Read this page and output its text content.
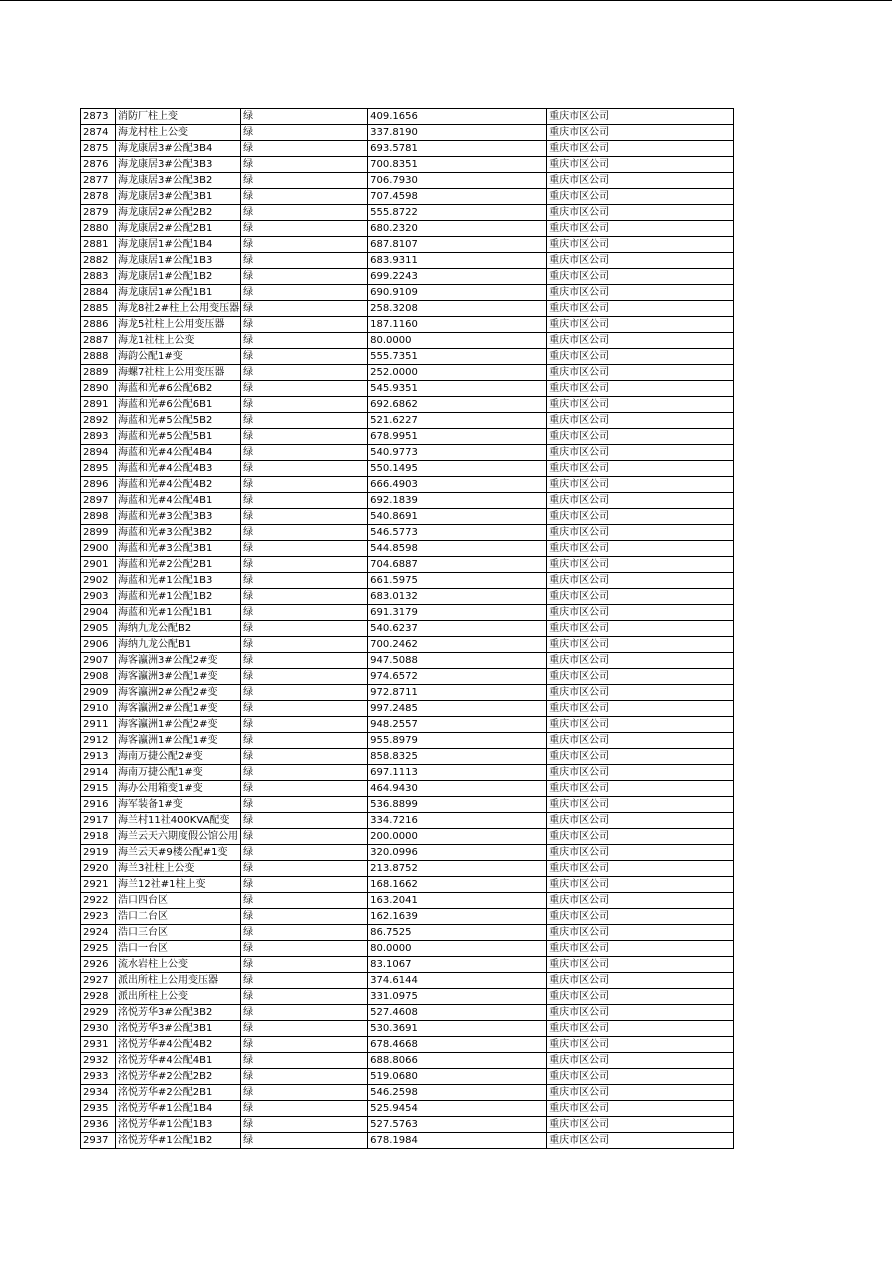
2873	消防厂柱上变	绿	409.1656	重庆市区公司
2874	海龙村柱上公变	绿	337.8190	重庆市区公司
2875	海龙康居3#公配3B4	绿	693.5781	重庆市区公司
2876	海龙康居3#公配3B3	绿	700.8351	重庆市区公司
2877	海龙康居3#公配3B2	绿	706.7930	重庆市区公司
2878	海龙康居3#公配3B1	绿	707.4598	重庆市区公司
2879	海龙康居2#公配2B2	绿	555.8722	重庆市区公司
2880	海龙康居2#公配2B1	绿	680.2320	重庆市区公司
2881	海龙康居1#公配1B4	绿	687.8107	重庆市区公司
2882	海龙康居1#公配1B3	绿	683.9311	重庆市区公司
2883	海龙康居1#公配1B2	绿	699.2243	重庆市区公司
2884	海龙康居1#公配1B1	绿	690.9109	重庆市区公司
2885	海龙8社2#柱上公用变压器	绿	258.3208	重庆市区公司
2886	海龙5社柱上公用变压器	绿	187.1160	重庆市区公司
2887	海龙1社柱上公变	绿	80.0000	重庆市区公司
2888	海韵公配1#变	绿	555.7351	重庆市区公司
2889	海螺7社柱上公用变压器	绿	252.0000	重庆市区公司
2890	海蓝和光#6公配6B2	绿	545.9351	重庆市区公司
2891	海蓝和光#6公配6B1	绿	692.6862	重庆市区公司
2892	海蓝和光#5公配5B2	绿	521.6227	重庆市区公司
2893	海蓝和光#5公配5B1	绿	678.9951	重庆市区公司
2894	海蓝和光#4公配4B4	绿	540.9773	重庆市区公司
2895	海蓝和光#4公配4B3	绿	550.1495	重庆市区公司
2896	海蓝和光#4公配4B2	绿	666.4903	重庆市区公司
2897	海蓝和光#4公配4B1	绿	692.1839	重庆市区公司
2898	海蓝和光#3公配3B3	绿	540.8691	重庆市区公司
2899	海蓝和光#3公配3B2	绿	546.5773	重庆市区公司
2900	海蓝和光#3公配3B1	绿	544.8598	重庆市区公司
2901	海蓝和光#2公配2B1	绿	704.6887	重庆市区公司
2902	海蓝和光#1公配1B3	绿	661.5975	重庆市区公司
2903	海蓝和光#1公配1B2	绿	683.0132	重庆市区公司
2904	海蓝和光#1公配1B1	绿	691.3179	重庆市区公司
2905	海纳九龙公配B2	绿	540.6237	重庆市区公司
2906	海纳九龙公配B1	绿	700.2462	重庆市区公司
2907	海客瀛洲3#公配2#变	绿	947.5088	重庆市区公司
2908	海客瀛洲3#公配1#变	绿	974.6572	重庆市区公司
2909	海客瀛洲2#公配2#变	绿	972.8711	重庆市区公司
2910	海客瀛洲2#公配1#变	绿	997.2485	重庆市区公司
2911	海客瀛洲1#公配2#变	绿	948.2557	重庆市区公司
2912	海客瀛洲1#公配1#变	绿	955.8979	重庆市区公司
2913	海南万捷公配2#变	绿	858.8325	重庆市区公司
2914	海南万捷公配1#变	绿	697.1113	重庆市区公司
2915	海办公用箱变1#变	绿	464.9430	重庆市区公司
2916	海军装备1#变	绿	536.8899	重庆市区公司
2917	海兰村11社400KVA配变	绿	334.7216	重庆市区公司
2918	海兰云天六期度假公馆公用	绿	200.0000	重庆市区公司
2919	海兰云天#9楼公配#1变	绿	320.0996	重庆市区公司
2920	海兰3社柱上公变	绿	213.8752	重庆市区公司
2921	海兰12社#1柱上变	绿	168.1662	重庆市区公司
2922	浩口四台区	绿	163.2041	重庆市区公司
2923	浩口二台区	绿	162.1639	重庆市区公司
2924	浩口三台区	绿	86.7525	重庆市区公司
2925	浩口一台区	绿	80.0000	重庆市区公司
2926	流水岩柱上公变	绿	83.1067	重庆市区公司
2927	派出所柱上公用变压器	绿	374.6144	重庆市区公司
2928	派出所柱上公变	绿	331.0975	重庆市区公司
2929	洺悦芳华3#公配3B2	绿	527.4608	重庆市区公司
2930	洺悦芳华3#公配3B1	绿	530.3691	重庆市区公司
2931	洺悦芳华#4公配4B2	绿	678.4668	重庆市区公司
2932	洺悦芳华#4公配4B1	绿	688.8066	重庆市区公司
2933	洺悦芳华#2公配2B2	绿	519.0680	重庆市区公司
2934	洺悦芳华#2公配2B1	绿	546.2598	重庆市区公司
2935	洺悦芳华#1公配1B4	绿	525.9454	重庆市区公司
2936	洺悦芳华#1公配1B3	绿	527.5763	重庆市区公司
2937	洺悦芳华#1公配1B2	绿	678.1984	重庆市区公司
